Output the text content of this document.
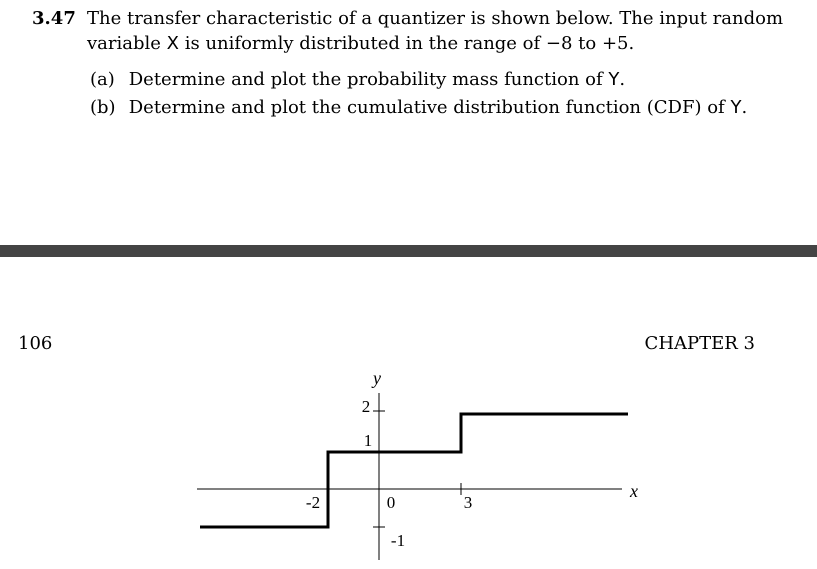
3.47 The transfer characteristic of a quantizer is shown below. The input random
variable X is uniformly distributed in the range of −8 to +5.
(a) Determine and plot the probability mass function of Y.
(b) Determine and plot the cumulative distribution function (CDF) of Y.
106	CHAPTER 3
y
x
2
1
-2	0	3
-1
